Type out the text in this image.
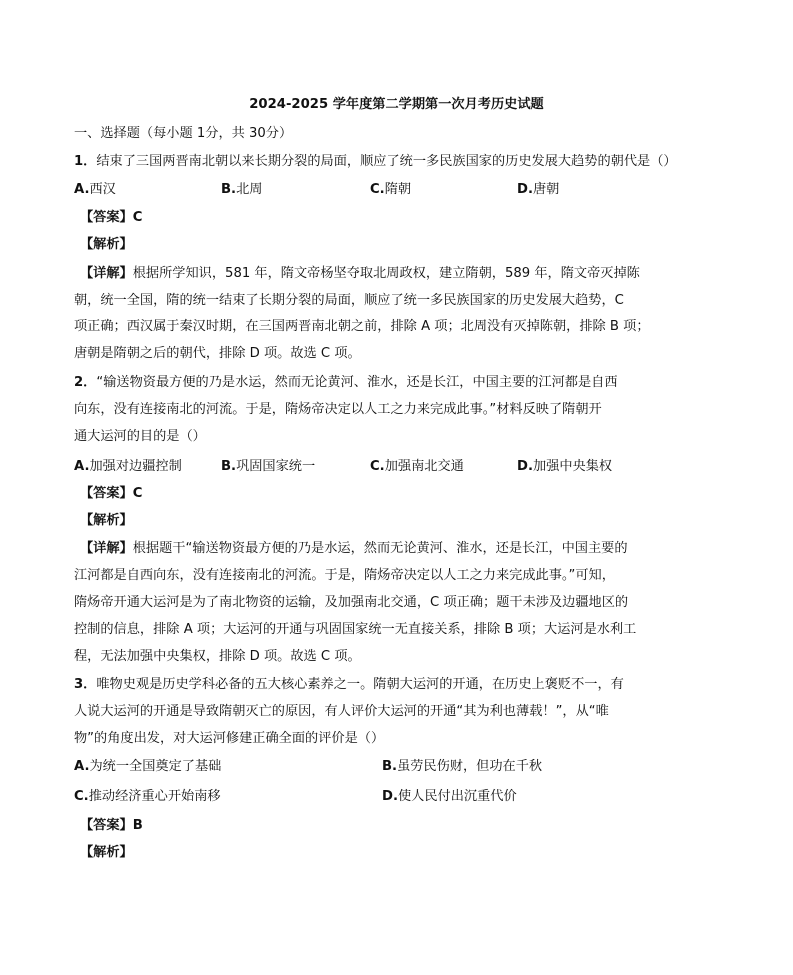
2024-2025 学年度第二学期第一次月考历史试题
一、选择题（每小题 1分，共 30分）
1．结束了三国两晋南北朝以来长期分裂的局面，顺应了统一多民族国家的历史发展大趋势的朝代是（）
A.西汉	B.北周	C.隋朝	D.唐朝
【答案】C
【解析】
【详解】根据所学知识，581 年，隋文帝杨坚夺取北周政权，建立隋朝，589 年，隋文帝灭掉陈
朝，统一全国，隋的统一结束了长期分裂的局面，顺应了统一多民族国家的历史发展大趋势，C
项正确；西汉属于秦汉时期，在三国两晋南北朝之前，排除 A 项；北周没有灭掉陈朝，排除 B 项；
唐朝是隋朝之后的朝代，排除 D 项。故选 C 项。
2．“输送物资最方便的乃是水运，然而无论黄河、淮水，还是长江，中国主要的江河都是自西
向东，没有连接南北的河流。于是，隋炀帝决定以人工之力来完成此事。”材料反映了隋朝开
通大运河的目的是（）
A.加强对边疆控制	B.巩固国家统一	C.加强南北交通	D.加强中央集权
【答案】C
【解析】
【详解】根据题干“输送物资最方便的乃是水运，然而无论黄河、淮水，还是长江，中国主要的
江河都是自西向东，没有连接南北的河流。于是，隋炀帝决定以人工之力来完成此事。”可知，
隋炀帝开通大运河是为了南北物资的运输，及加强南北交通，C 项正确；题干未涉及边疆地区的
控制的信息，排除 A 项；大运河的开通与巩固国家统一无直接关系，排除 B 项；大运河是水利工
程，无法加强中央集权，排除 D 项。故选 C 项。
3．唯物史观是历史学科必备的五大核心素养之一。隋朝大运河的开通，在历史上褒贬不一，有
人说大运河的开通是导致隋朝灭亡的原因，有人评价大运河的开通“其为利也薄载！”，从“唯
物”的角度出发，对大运河修建正确全面的评价是（）
A.为统一全国奠定了基础	B.虽劳民伤财，但功在千秋
C.推动经济重心开始南移	D.使人民付出沉重代价
【答案】B
【解析】
